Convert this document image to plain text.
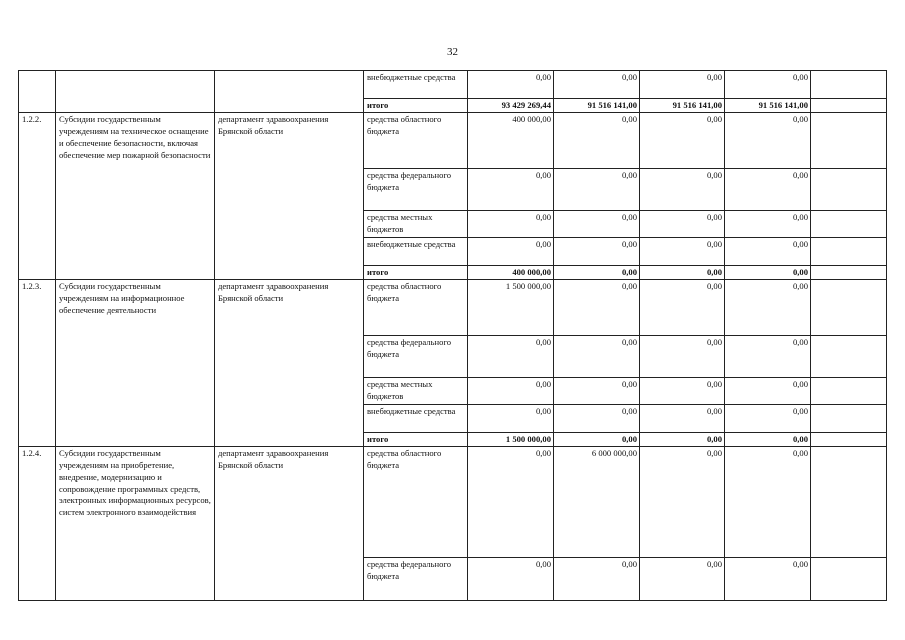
32
			внебюджетные средства	0,00	0,00	0,00	0,00	
			итого	93 429 269,44	91 516 141,00	91 516 141,00	91 516 141,00	
1.2.2.	Субсидии государственным учреждениям на техническое оснащение и обеспечение безопасности, включая обеспечение мер пожарной безопасности	департамент здравоохранения Брянской области	средства областного бюджета	400 000,00	0,00	0,00	0,00	
			средства федерального бюджета	0,00	0,00	0,00	0,00	
			средства местных бюджетов	0,00	0,00	0,00	0,00	
			внебюджетные средства	0,00	0,00	0,00	0,00	
			итого	400 000,00	0,00	0,00	0,00	
1.2.3.	Субсидии государственным учреждениям на информационное обеспечение деятельности	департамент здравоохранения Брянской области	средства областного бюджета	1 500 000,00	0,00	0,00	0,00	
			средства федерального бюджета	0,00	0,00	0,00	0,00	
			средства местных бюджетов	0,00	0,00	0,00	0,00	
			внебюджетные средства	0,00	0,00	0,00	0,00	
			итого	1 500 000,00	0,00	0,00	0,00	
1.2.4.	Субсидии государственным учреждениям на приобретение, внедрение, модернизацию и сопровождение программных средств, электронных информационных ресурсов, систем электронного взаимодействия	департамент здравоохранения Брянской области	средства областного бюджета	0,00	6 000 000,00	0,00	0,00	
			средства федерального бюджета	0,00	0,00	0,00	0,00	
